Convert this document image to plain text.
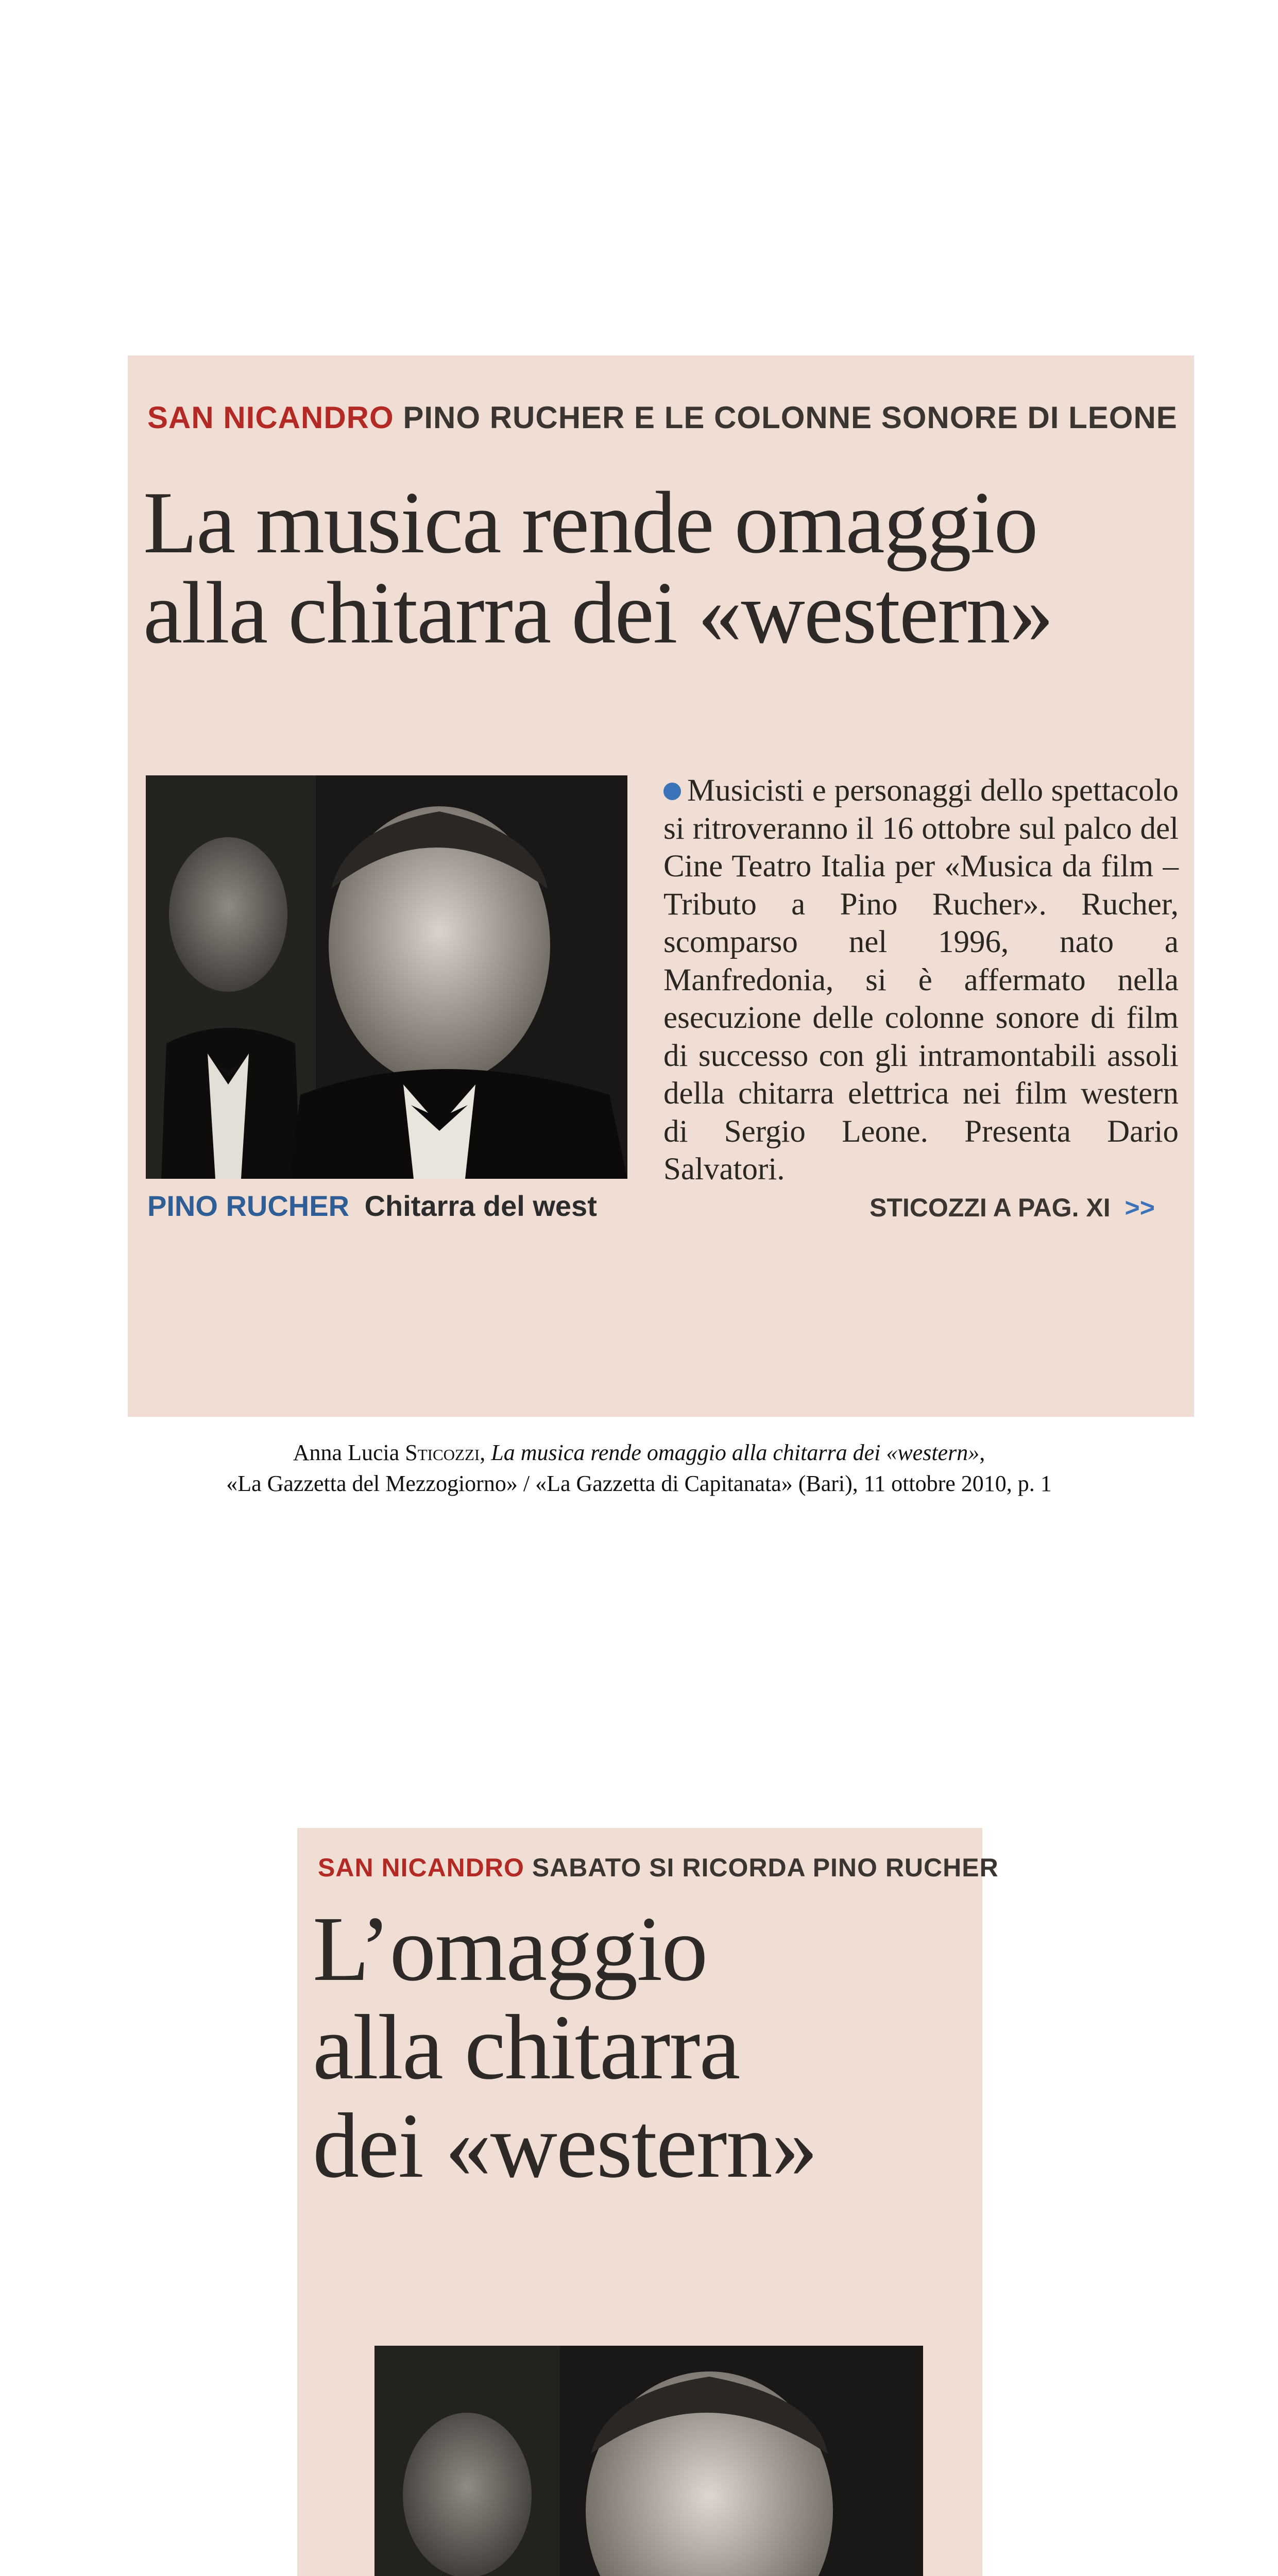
SAN NICANDRO PINO RUCHER E LE COLONNE SONORE DI LEONE
La musica rende omaggio
alla chitarra dei «western»
PINO RUCHER Chitarra del west

Musicisti e personaggi dello spettacolo si ritroveranno il 16 ottobre sul palco del Cine Teatro Italia per «Musica da film – Tributo a Pino Rucher». Rucher, scomparso nel 1996, nato a Manfredonia, si è affermato nella esecuzione delle colonne sonore di film di successo con gli intramontabili assoli della chitarra elettrica nei film western di Sergio Leone. Presenta Dario Salvatori.

STICOZZI A PAG. XI >>
Anna Lucia Sticozzi, La musica rende omaggio alla chitarra dei «western»,
«La Gazzetta del Mezzogiorno» / «La Gazzetta di Capitanata» (Bari), 11 ottobre 2010, p. 1
SAN NICANDRO SABATO SI RICORDA PINO RUCHER
L’omaggio
alla chitarra
dei «western»
